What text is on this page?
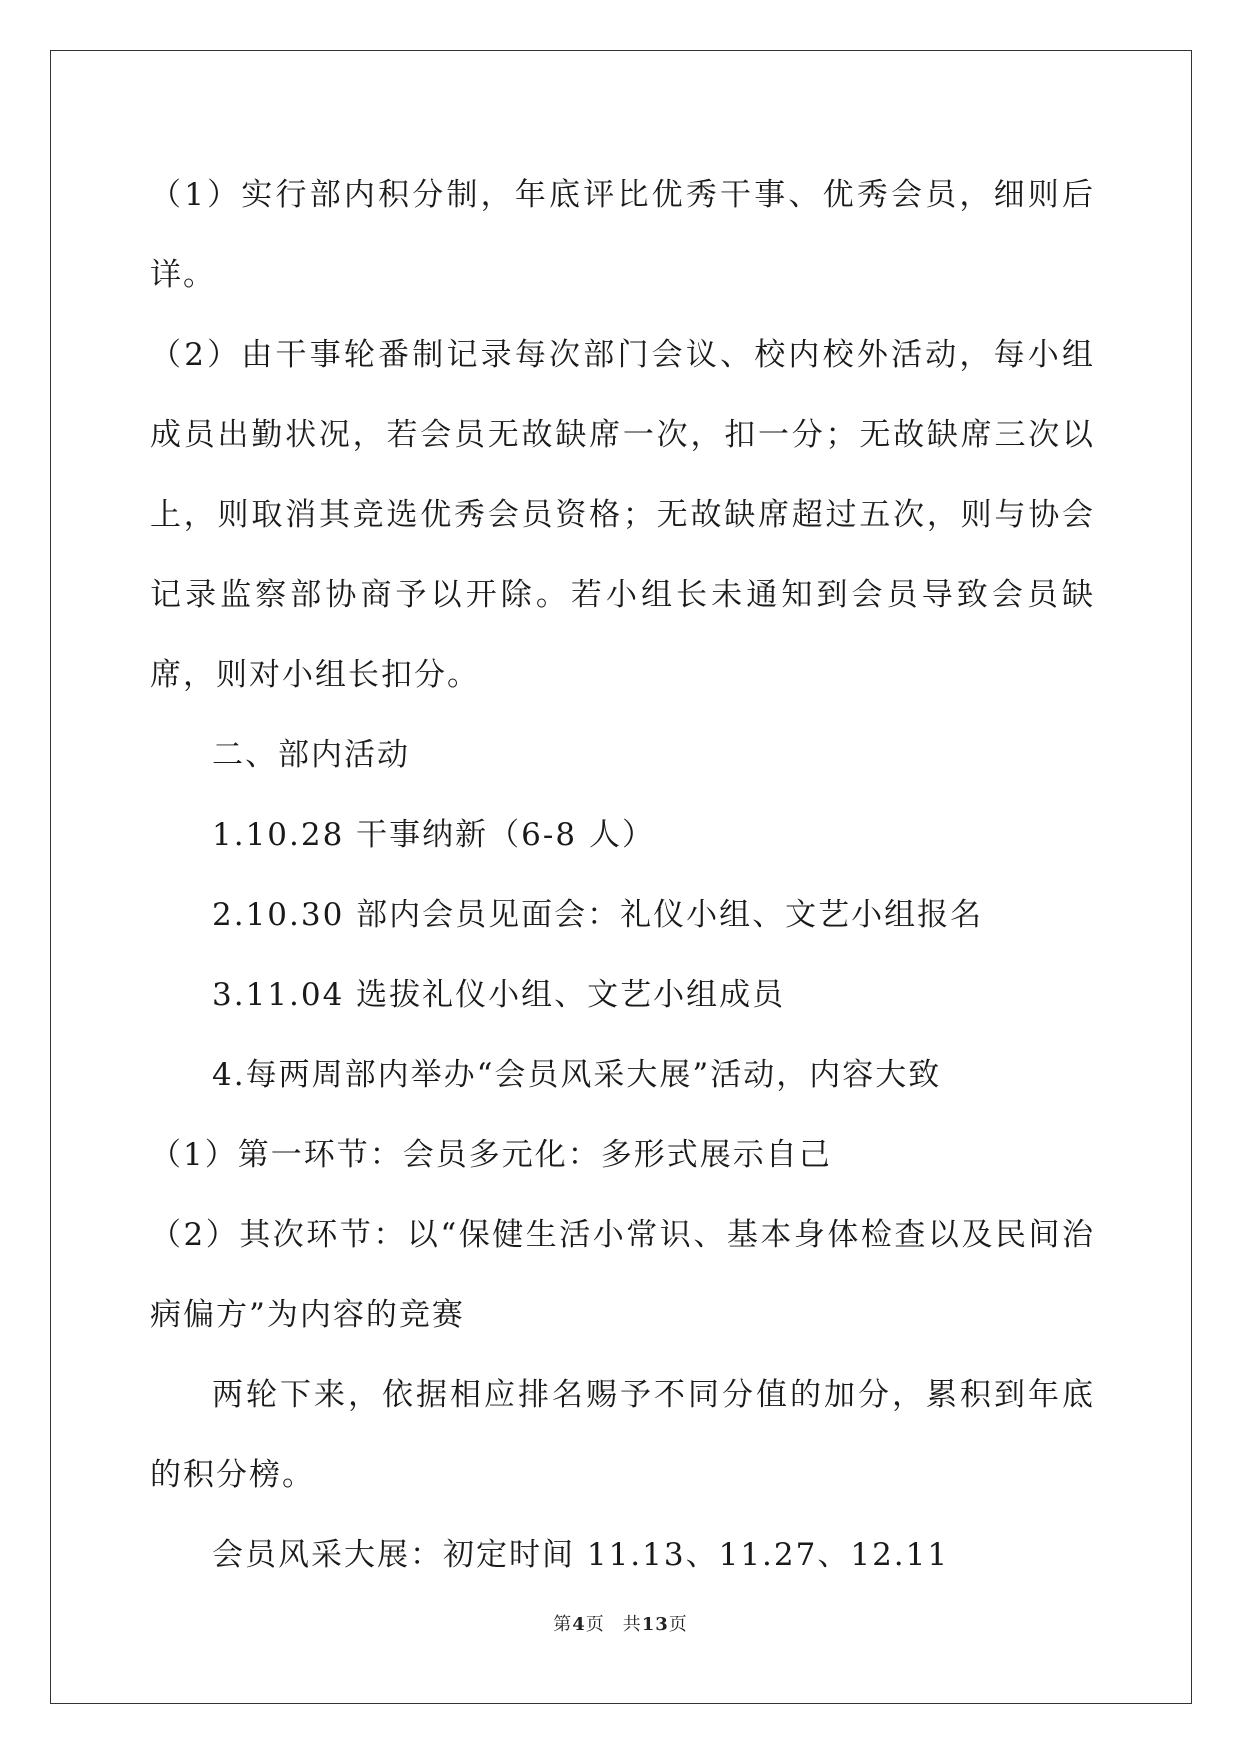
（1）实行部内积分制，年底评比优秀干事、优秀会员，细则后详。

（2）由干事轮番制记录每次部门会议、校内校外活动，每小组成员出勤状况，若会员无故缺席一次，扣一分；无故缺席三次以上，则取消其竞选优秀会员资格；无故缺席超过五次，则与协会记录监察部协商予以开除。若小组长未通知到会员导致会员缺席，则对小组长扣分。

二、部内活动

1.10.28 干事纳新（6-8 人）

2.10.30 部内会员见面会：礼仪小组、文艺小组报名

3.11.04 选拔礼仪小组、文艺小组成员

4.每两周部内举办“会员风采大展”活动，内容大致

（1）第一环节：会员多元化：多形式展示自己

（2）其次环节：以“保健生活小常识、基本身体检查以及民间治病偏方”为内容的竞赛

两轮下来，依据相应排名赐予不同分值的加分，累积到年底的积分榜。

会员风采大展：初定时间 11.13、11.27、12.11

第4页 共13页
